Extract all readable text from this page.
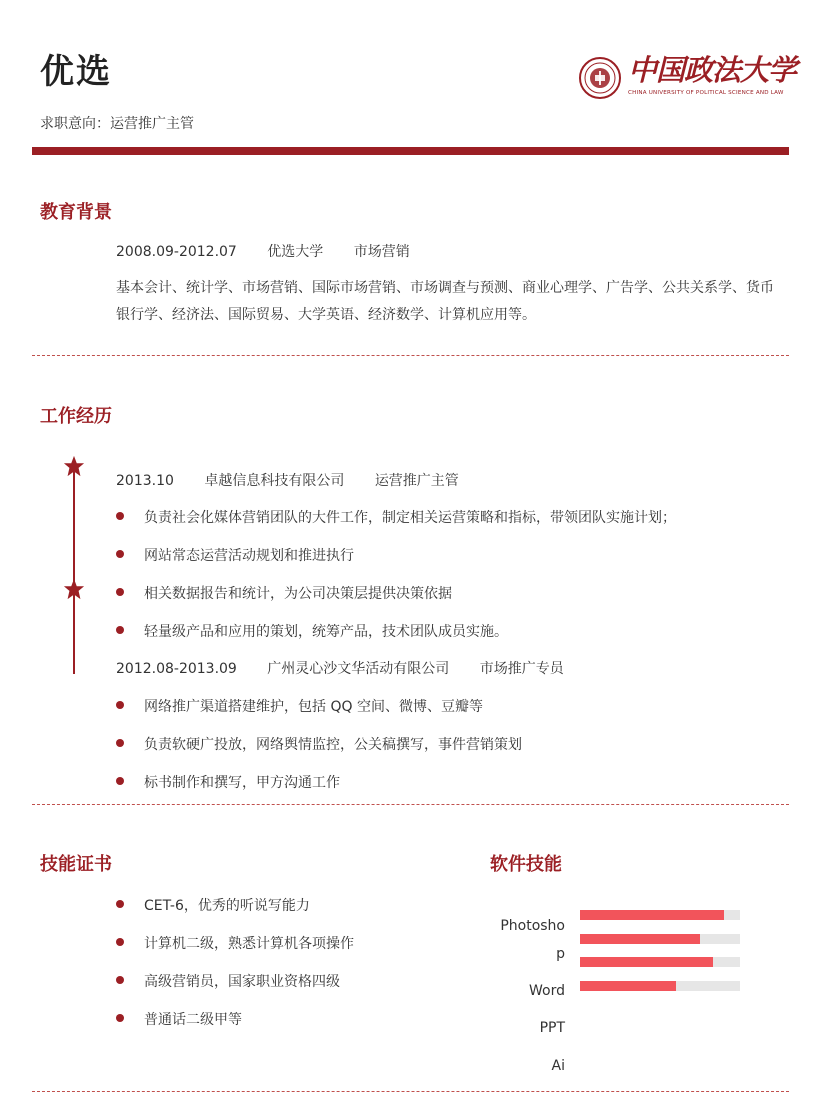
优选
求职意向：运营推广主管
中国政法大学
CHINA UNIVERSITY OF POLITICAL SCIENCE AND LAW
教育背景
2008.09-2012.07 优选大学 市场营销
基本会计、统计学、市场营销、国际市场营销、市场调查与预测、商业心理学、广告学、公共关系学、货币银行学、经济法、国际贸易、大学英语、经济数学、计算机应用等。
工作经历
2013.10 卓越信息科技有限公司 运营推广主管
负责社会化媒体营销团队的大件工作，制定相关运营策略和指标，带领团队实施计划；
网站常态运营活动规划和推进执行
相关数据报告和统计，为公司决策层提供决策依据
轻量级产品和应用的策划，统筹产品，技术团队成员实施。
2012.08-2013.09 广州灵心沙文华活动有限公司 市场推广专员
网络推广渠道搭建维护，包括 QQ 空间、微博、豆瓣等
负责软硬广投放，网络舆情监控，公关稿撰写，事件营销策划
标书制作和撰写，甲方沟通工作
技能证书
CET-6，优秀的听说写能力
计算机二级，熟悉计算机各项操作
高级营销员，国家职业资格四级
普通话二级甲等
软件技能
Photosho
p
Word
PPT
Ai
